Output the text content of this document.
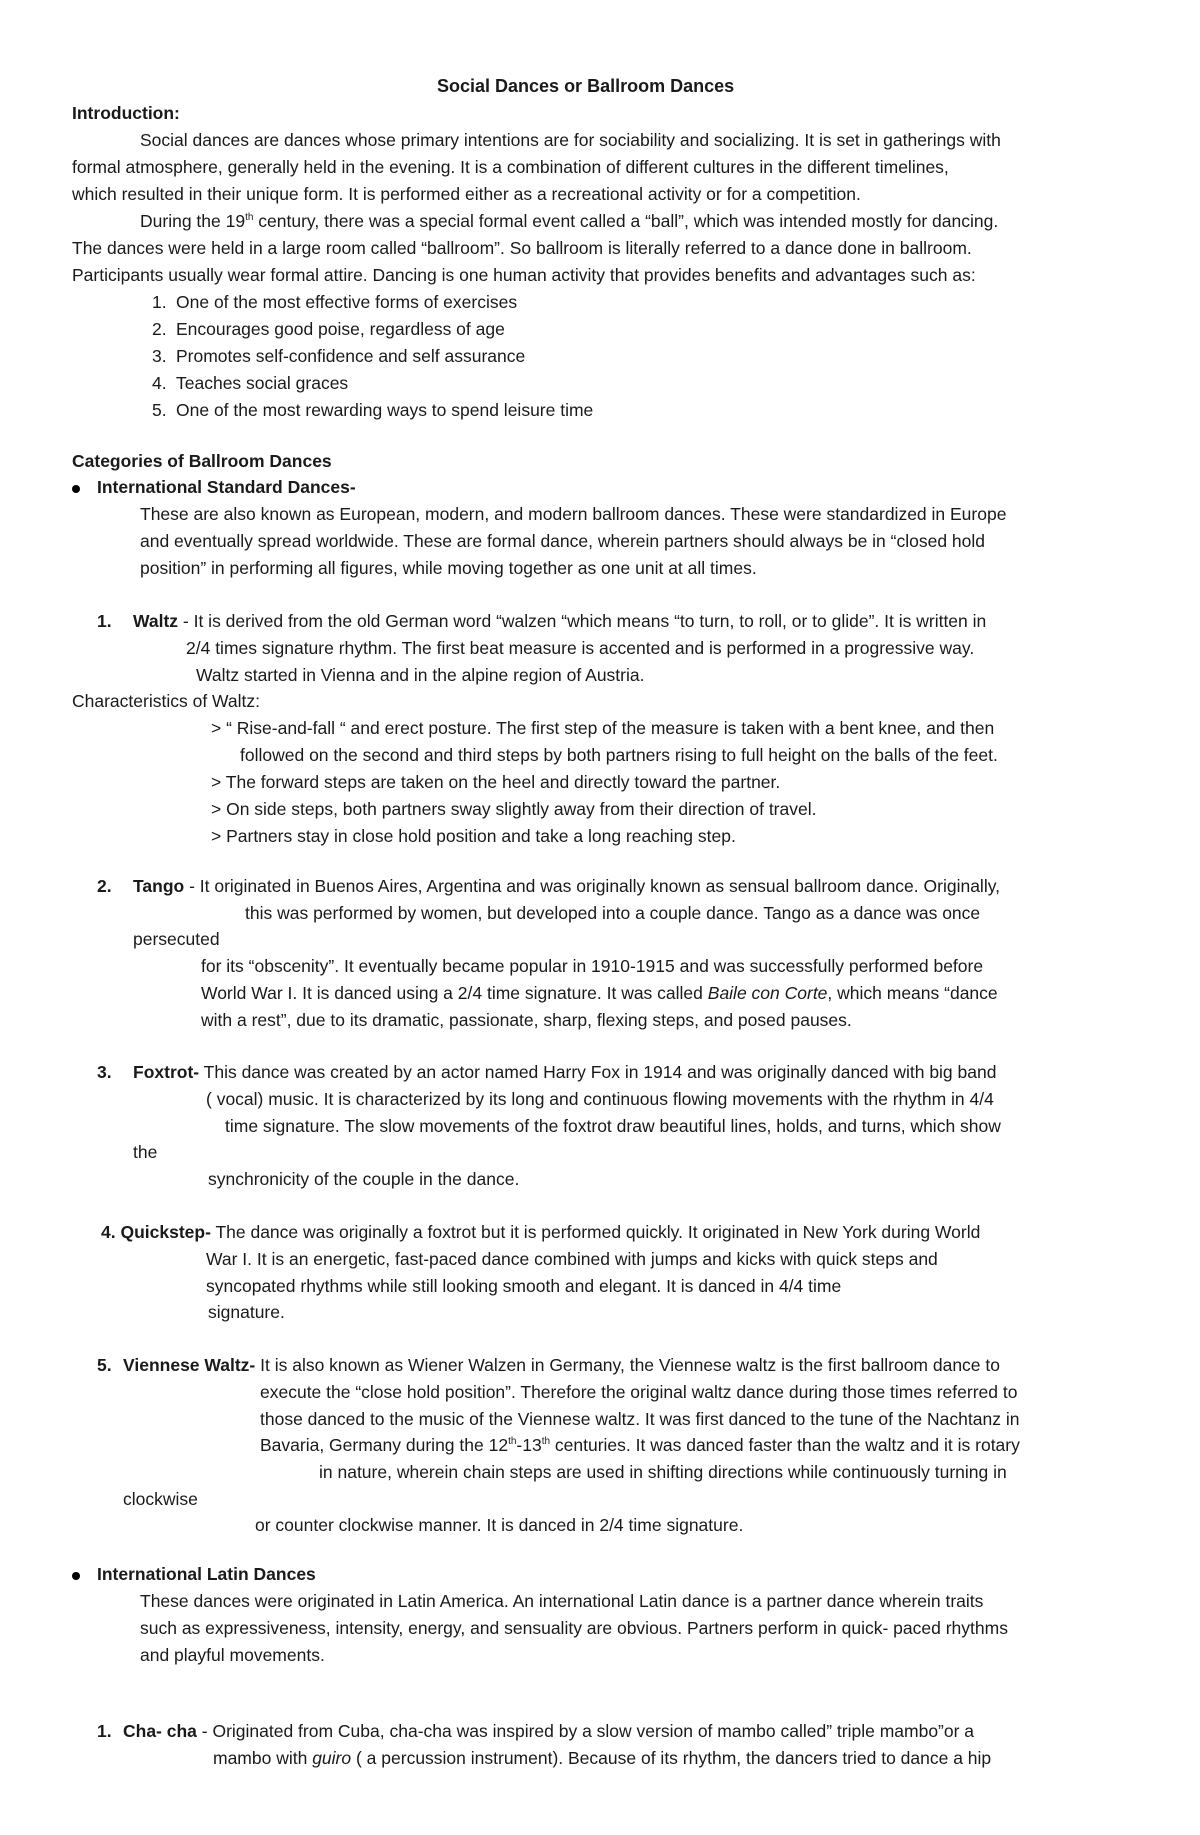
Social Dances or Ballroom Dances
Introduction:
Social dances are dances whose primary intentions are for sociability and socializing. It is set in gatherings with
formal atmosphere, generally held in the evening. It is a combination of different cultures in the different timelines,
which resulted in their unique form. It is performed either as a recreational activity or for a competition.
During the 19th century, there was a special formal event called a “ball”, which was intended mostly for dancing.
The dances were held in a large room called “ballroom”. So ballroom is literally referred to a dance done in ballroom.
Participants usually wear formal attire. Dancing is one human activity that provides benefits and advantages such as:
1. One of the most effective forms of exercises
2. Encourages good poise, regardless of age
3. Promotes self-confidence and self assurance
4. Teaches social graces
5. One of the most rewarding ways to spend leisure time
Categories of Ballroom Dances
International Standard Dances-
These are also known as European, modern, and modern ballroom dances. These were standardized in Europe
and eventually spread worldwide. These are formal dance, wherein partners should always be in “closed hold
position” in performing all figures, while moving together as one unit at all times.
1. Waltz - It is derived from the old German word “walzen “which means “to turn, to roll, or to glide”. It is written in
2/4 times signature rhythm. The first beat measure is accented and is performed in a progressive way.
Waltz started in Vienna and in the alpine region of Austria.
Characteristics of Waltz:
> “ Rise-and-fall “ and erect posture. The first step of the measure is taken with a bent knee, and then
followed on the second and third steps by both partners rising to full height on the balls of the feet.
> The forward steps are taken on the heel and directly toward the partner.
> On side steps, both partners sway slightly away from their direction of travel.
> Partners stay in close hold position and take a long reaching step.
2. Tango - It originated in Buenos Aires, Argentina and was originally known as sensual ballroom dance. Originally,
this was performed by women, but developed into a couple dance. Tango as a dance was once
persecuted
for its “obscenity”. It eventually became popular in 1910-1915 and was successfully performed before
World War I. It is danced using a 2/4 time signature. It was called Baile con Corte, which means “dance
with a rest”, due to its dramatic, passionate, sharp, flexing steps, and posed pauses.
3. Foxtrot- This dance was created by an actor named Harry Fox in 1914 and was originally danced with big band
( vocal) music. It is characterized by its long and continuous flowing movements with the rhythm in 4/4
time signature. The slow movements of the foxtrot draw beautiful lines, holds, and turns, which show
the
synchronicity of the couple in the dance.
4. Quickstep- The dance was originally a foxtrot but it is performed quickly. It originated in New York during World
War I. It is an energetic, fast-paced dance combined with jumps and kicks with quick steps and
syncopated rhythms while still looking smooth and elegant. It is danced in 4/4 time
signature.
5. Viennese Waltz- It is also known as Wiener Walzen in Germany, the Viennese waltz is the first ballroom dance to
execute the “close hold position”. Therefore the original waltz dance during those times referred to
those danced to the music of the Viennese waltz. It was first danced to the tune of the Nachtanz in
Bavaria, Germany during the 12th-13th centuries. It was danced faster than the waltz and it is rotary
in nature, wherein chain steps are used in shifting directions while continuously turning in
clockwise
or counter clockwise manner. It is danced in 2/4 time signature.
International Latin Dances
These dances were originated in Latin America. An international Latin dance is a partner dance wherein traits
such as expressiveness, intensity, energy, and sensuality are obvious. Partners perform in quick- paced rhythms
and playful movements.
1. Cha- cha - Originated from Cuba, cha-cha was inspired by a slow version of mambo called” triple mambo”or a
mambo with guiro ( a percussion instrument). Because of its rhythm, the dancers tried to dance a hip
